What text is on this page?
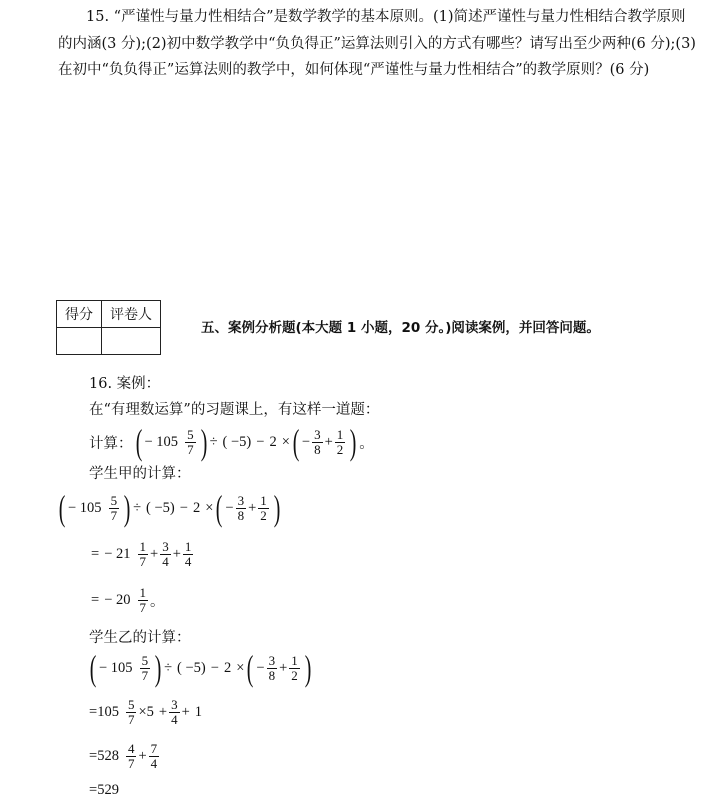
15. “严谨性与量力性相结合”是数学教学的基本原则。(1)简述严谨性与量力性相结合教学原则的内涵(3 分);(2)初中数学教学中“负负得正”运算法则引入的方式有哪些？请写出至少两种(6 分);(3)在初中“负负得正”运算法则的教学中，如何体现“严谨性与量力性相结合”的教学原则？(6 分)
得分	评卷人

五、案例分析题(本大题 1 小题，20 分。)阅读案例，并回答问题。
16. 案例：
在“有理数运算”的习题课上，有这样一道题：
计算： ( − $105 \frac{5}{7}$ ) ÷ ( −5) − 2 × ( − $\frac{3}{8} + \frac{1}{2}$ ) 。
学生甲的计算：
( − $105 \frac{5}{7}$ ) ÷ ( −5) − 2 × ( − $\frac{3}{8} + \frac{1}{2}$ )
= − $21 \frac{1}{7} + \frac{3}{4} + \frac{1}{4}$
= − $20 \frac{1}{7}$ 。
学生乙的计算：
( − $105 \frac{5}{7}$ ) ÷ ( −5) − 2 × ( − $\frac{3}{8} + \frac{1}{2}$ )
= $105 \frac{5}{7} \times 5 + \frac{3}{4} + 1$
= $528 \frac{4}{7} + \frac{7}{4}$
= 529
